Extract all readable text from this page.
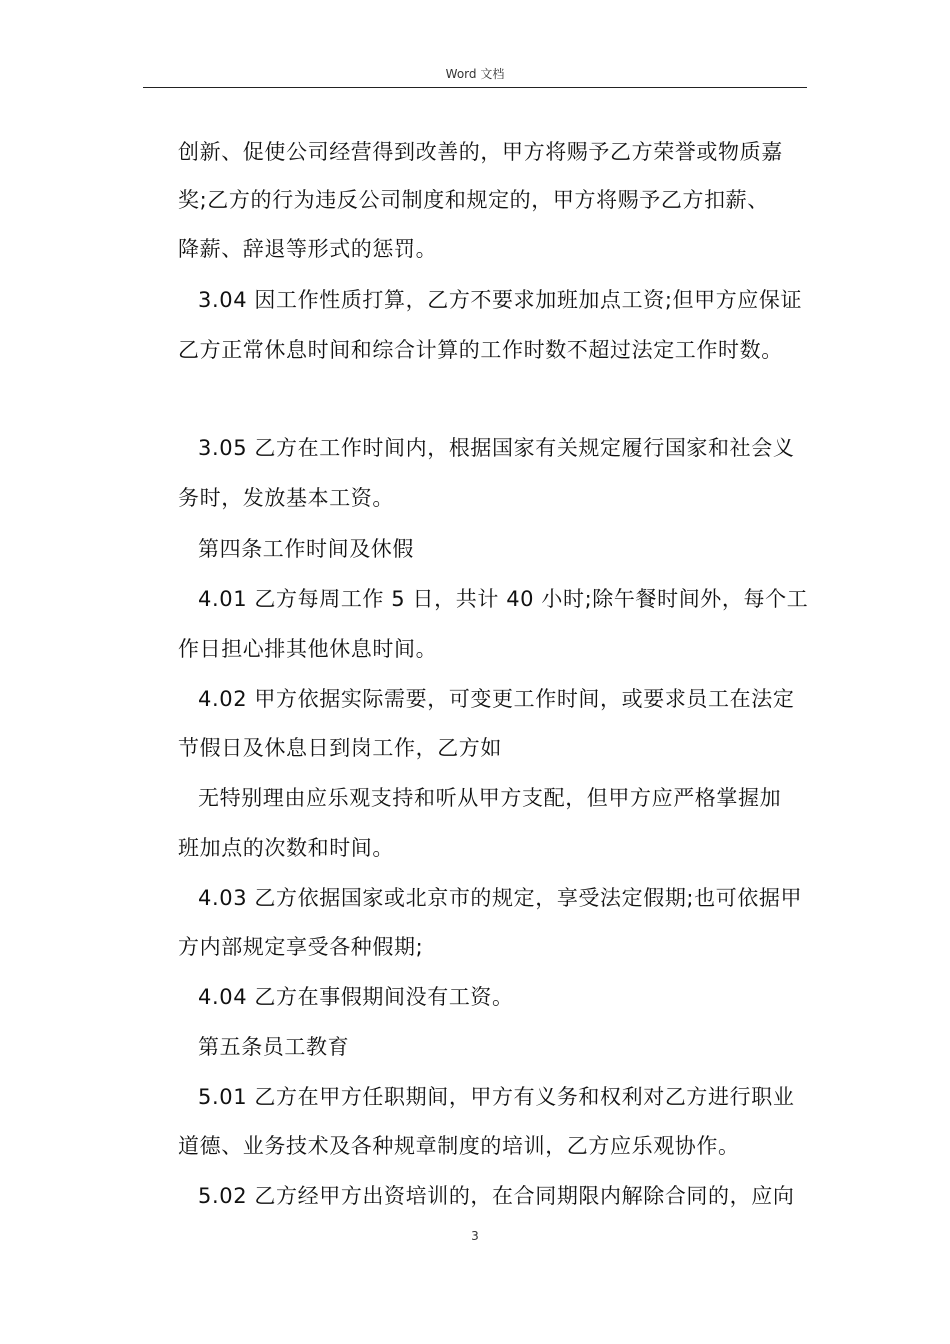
Word 文档
创新、促使公司经营得到改善的，甲方将赐予乙方荣誉或物质嘉
奖;乙方的行为违反公司制度和规定的，甲方将赐予乙方扣薪、
降薪、辞退等形式的惩罚。
3.04 因工作性质打算，乙方不要求加班加点工资;但甲方应保证
乙方正常休息时间和综合计算的工作时数不超过法定工作时数。
3.05 乙方在工作时间内，根据国家有关规定履行国家和社会义
务时，发放基本工资。
第四条工作时间及休假
4.01 乙方每周工作 5 日，共计 40 小时;除午餐时间外，每个工
作日担心排其他休息时间。
4.02 甲方依据实际需要，可变更工作时间，或要求员工在法定
节假日及休息日到岗工作，乙方如
无特别理由应乐观支持和听从甲方支配，但甲方应严格掌握加
班加点的次数和时间。
4.03 乙方依据国家或北京市的规定，享受法定假期;也可依据甲
方内部规定享受各种假期;
4.04 乙方在事假期间没有工资。
第五条员工教育
5.01 乙方在甲方任职期间，甲方有义务和权利对乙方进行职业
道德、业务技术及各种规章制度的培训，乙方应乐观协作。
5.02 乙方经甲方出资培训的，在合同期限内解除合同的，应向
3
